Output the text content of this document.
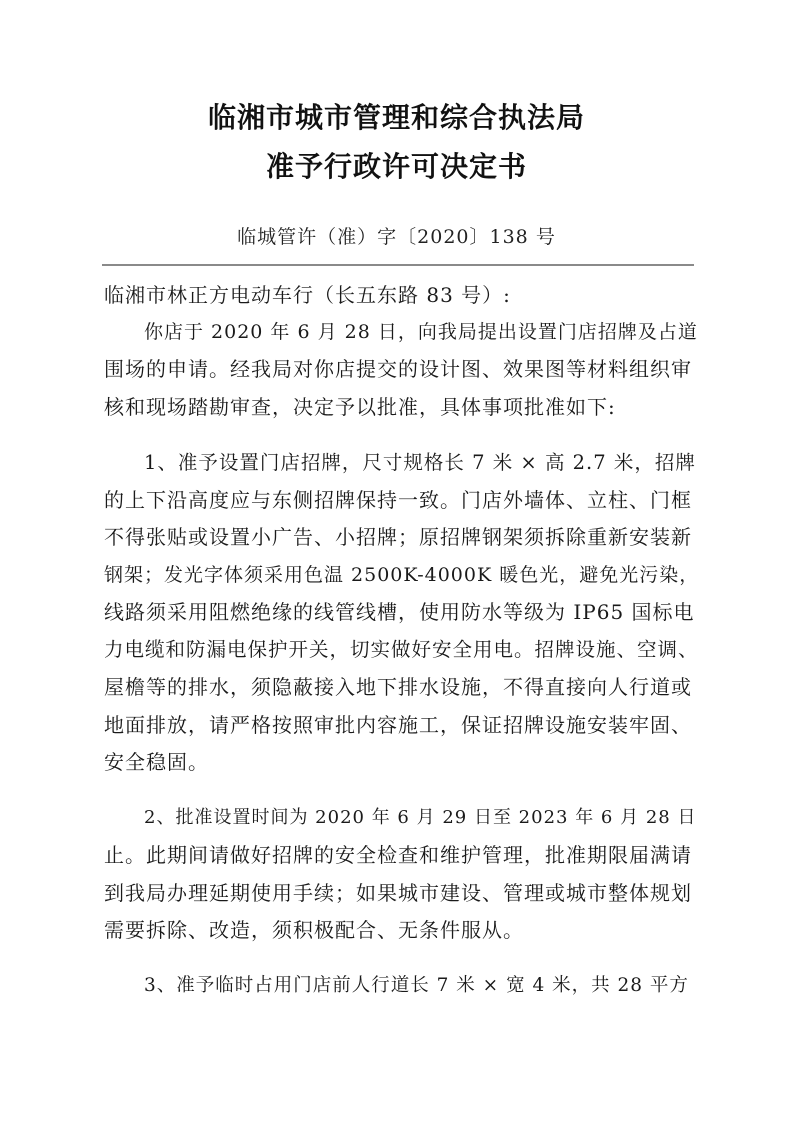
临湘市城市管理和综合执法局
准予行政许可决定书
临城管许（准）字〔2020〕138 号
临湘市林正方电动车行（长五东路 83 号）:
你店于 2020 年 6 月 28 日，向我局提出设置门店招牌及占道
围场的申请。经我局对你店提交的设计图、效果图等材料组织审
核和现场踏勘审查，决定予以批准，具体事项批准如下:
1、准予设置门店招牌，尺寸规格长 7 米 × 高 2.7 米，招牌
的上下沿高度应与东侧招牌保持一致。门店外墙体、立柱、门框
不得张贴或设置小广告、小招牌；原招牌钢架须拆除重新安装新
钢架；发光字体须采用色温 2500K-4000K 暖色光，避免光污染，
线路须采用阻燃绝缘的线管线槽，使用防水等级为 IP65 国标电
力电缆和防漏电保护开关，切实做好安全用电。招牌设施、空调、
屋檐等的排水，须隐蔽接入地下排水设施，不得直接向人行道或
地面排放，请严格按照审批内容施工，保证招牌设施安装牢固、
安全稳固。
2、批准设置时间为 2020 年 6 月 29 日至 2023 年 6 月 28 日
止。此期间请做好招牌的安全检查和维护管理，批准期限届满请
到我局办理延期使用手续；如果城市建设、管理或城市整体规划
需要拆除、改造，须积极配合、无条件服从。
3、准予临时占用门店前人行道长 7 米 × 宽 4 米，共 28 平方
